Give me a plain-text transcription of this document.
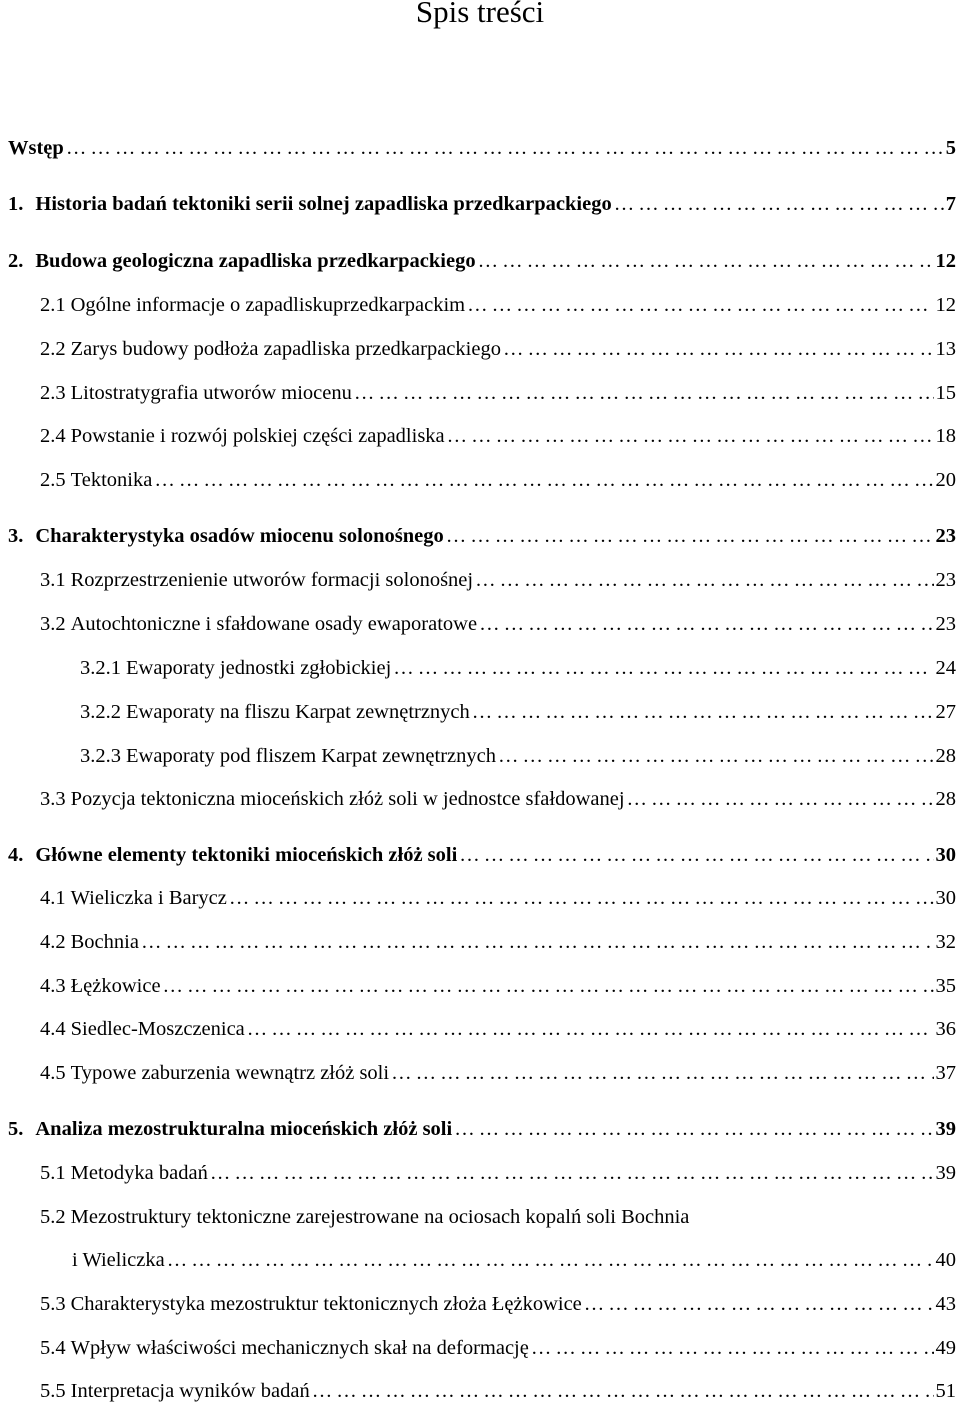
Spis treści
Wstęp …………………………………………………………………………………………………………………………………………………………………………………………………………………………	5
1. Historia badań tektoniki serii solnej zapadliska przedkarpackiego …………………………………………………………………………………………………………………………………………………………………………………………………………………………	7
2. Budowa geologiczna zapadliska przedkarpackiego …………………………………………………………………………………………………………………………………………………………………………………………………………………………	12
2.1 Ogólne informacje o zapadliskuprzedkarpackim …………………………………………………………………………………………………………………………………………………………………………………………………………………………	12
2.2 Zarys budowy podłoża zapadliska przedkarpackiego …………………………………………………………………………………………………………………………………………………………………………………………………………………………	13
2.3 Litostratygrafia utworów miocenu …………………………………………………………………………………………………………………………………………………………………………………………………………………………	15
2.4 Powstanie i rozwój polskiej części zapadliska …………………………………………………………………………………………………………………………………………………………………………………………………………………………	18
2.5 Tektonika …………………………………………………………………………………………………………………………………………………………………………………………………………………………	20
3. Charakterystyka osadów miocenu solonośnego …………………………………………………………………………………………………………………………………………………………………………………………………………………………	23
3.1 Rozprzestrzenienie utworów formacji solonośnej …………………………………………………………………………………………………………………………………………………………………………………………………………………………	23
3.2 Autochtoniczne i sfałdowane osady ewaporatowe …………………………………………………………………………………………………………………………………………………………………………………………………………………………	23
3.2.1 Ewaporaty jednostki zgłobickiej …………………………………………………………………………………………………………………………………………………………………………………………………………………………	24
3.2.2 Ewaporaty na fliszu Karpat zewnętrznych …………………………………………………………………………………………………………………………………………………………………………………………………………………………	27
3.2.3 Ewaporaty pod fliszem Karpat zewnętrznych …………………………………………………………………………………………………………………………………………………………………………………………………………………………	28
3.3 Pozycja tektoniczna mioceńskich złóż soli w jednostce sfałdowanej …………………………………………………………………………………………………………………………………………………………………………………………………………………………	28
4. Główne elementy tektoniki mioceńskich złóż soli …………………………………………………………………………………………………………………………………………………………………………………………………………………………	30
4.1 Wieliczka i Barycz …………………………………………………………………………………………………………………………………………………………………………………………………………………………	30
4.2 Bochnia …………………………………………………………………………………………………………………………………………………………………………………………………………………………	32
4.3 Łężkowice …………………………………………………………………………………………………………………………………………………………………………………………………………………………	35
4.4 Siedlec-Moszczenica …………………………………………………………………………………………………………………………………………………………………………………………………………………………	36
4.5 Typowe zaburzenia wewnątrz złóż soli …………………………………………………………………………………………………………………………………………………………………………………………………………………………	37
5. Analiza mezostrukturalna mioceńskich złóż soli …………………………………………………………………………………………………………………………………………………………………………………………………………………………	39
5.1 Metodyka badań …………………………………………………………………………………………………………………………………………………………………………………………………………………………	39
5.2 Mezostruktury tektoniczne zarejestrowane na ociosach kopalń soli Bochnia
i Wieliczka …………………………………………………………………………………………………………………………………………………………………………………………………………………………	40
5.3 Charakterystyka mezostruktur tektonicznych złoża Łężkowice …………………………………………………………………………………………………………………………………………………………………………………………………………………………	43
5.4 Wpływ właściwości mechanicznych skał na deformację …………………………………………………………………………………………………………………………………………………………………………………………………………………………	49
5.5 Interpretacja wyników badań …………………………………………………………………………………………………………………………………………………………………………………………………………………………	51
